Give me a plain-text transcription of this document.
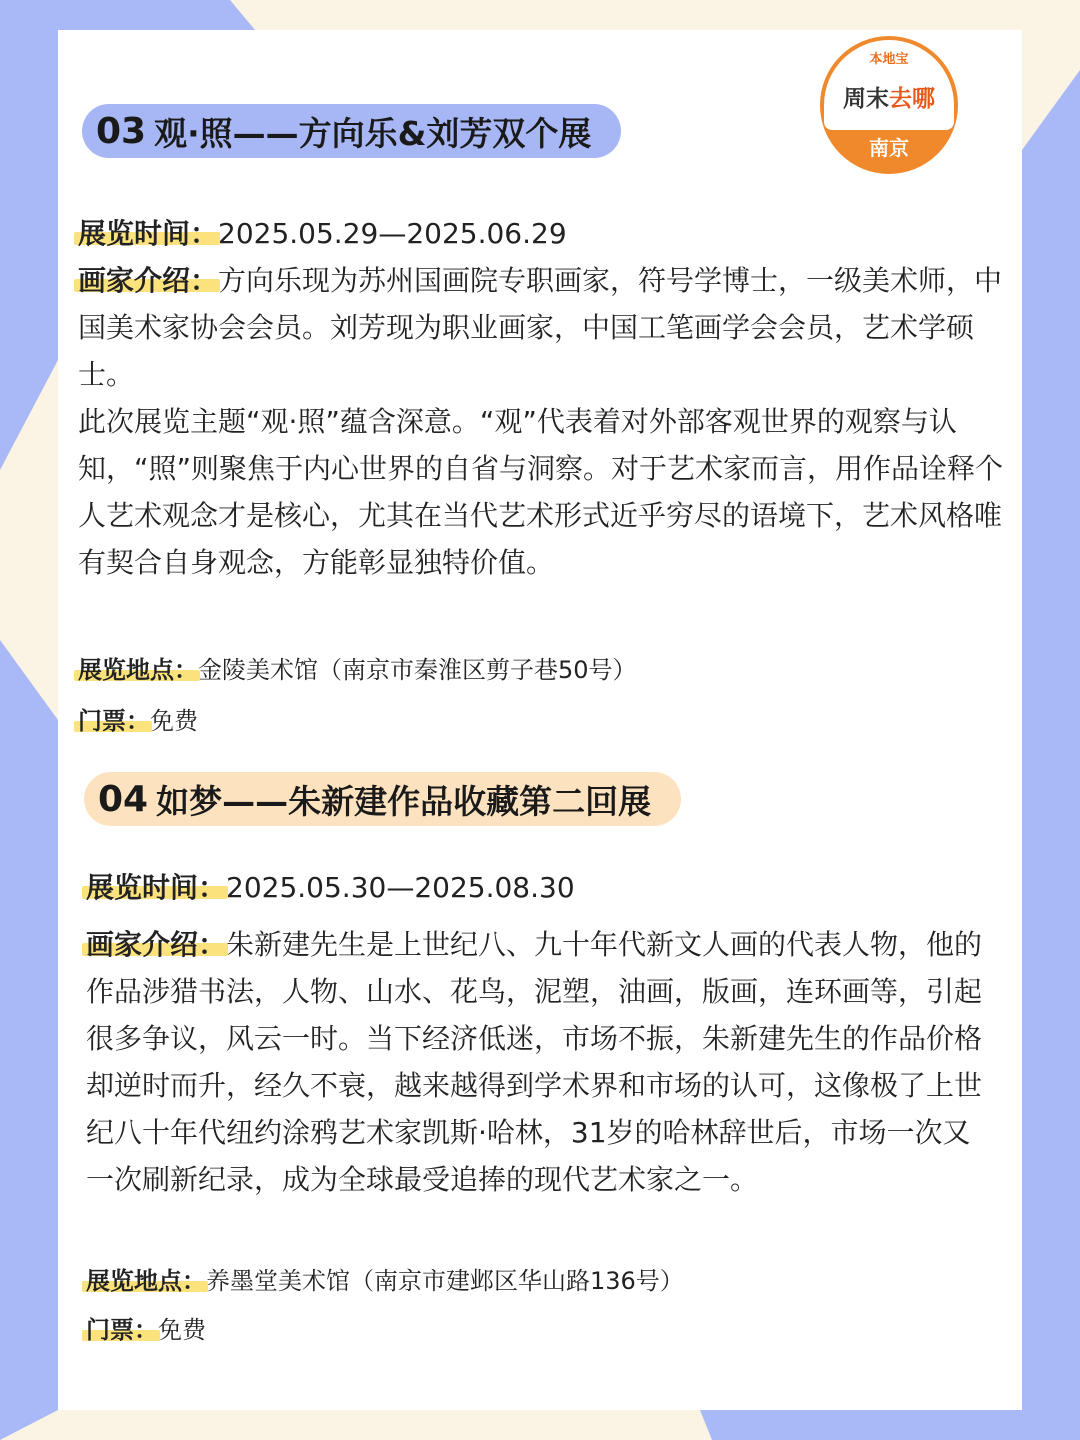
本地宝
周末去哪
南京
03 观·照——方向乐&刘芳双个展

展览时间：2025.05.29—2025.06.29

画家介绍：方向乐现为苏州国画院专职画家，符号学博士，一级美术师，中国美术家协会会员。刘芳现为职业画家，中国工笔画学会会员，艺术学硕士。

此次展览主题“观·照”蕴含深意。“观”代表着对外部客观世界的观察与认知，“照”则聚焦于内心世界的自省与洞察。对于艺术家而言，用作品诠释个人艺术观念才是核心，尤其在当代艺术形式近乎穷尽的语境下，艺术风格唯有契合自身观念，方能彰显独特价值。

展览地点：金陵美术馆（南京市秦淮区剪子巷50号）

门票：免费

04 如梦——朱新建作品收藏第二回展

展览时间：2025.05.30—2025.08.30

画家介绍：朱新建先生是上世纪八、九十年代新文人画的代表人物，他的作品涉猎书法，人物、山水、花鸟，泥塑，油画，版画，连环画等，引起很多争议，风云一时。当下经济低迷，市场不振，朱新建先生的作品价格却逆时而升，经久不衰，越来越得到学术界和市场的认可，这像极了上世纪八十年代纽约涂鸦艺术家凯斯·哈林，31岁的哈林辞世后，市场一次又一次刷新纪录，成为全球最受追捧的现代艺术家之一。

展览地点：养墨堂美术馆（南京市建邺区华山路136号）

门票：免费
